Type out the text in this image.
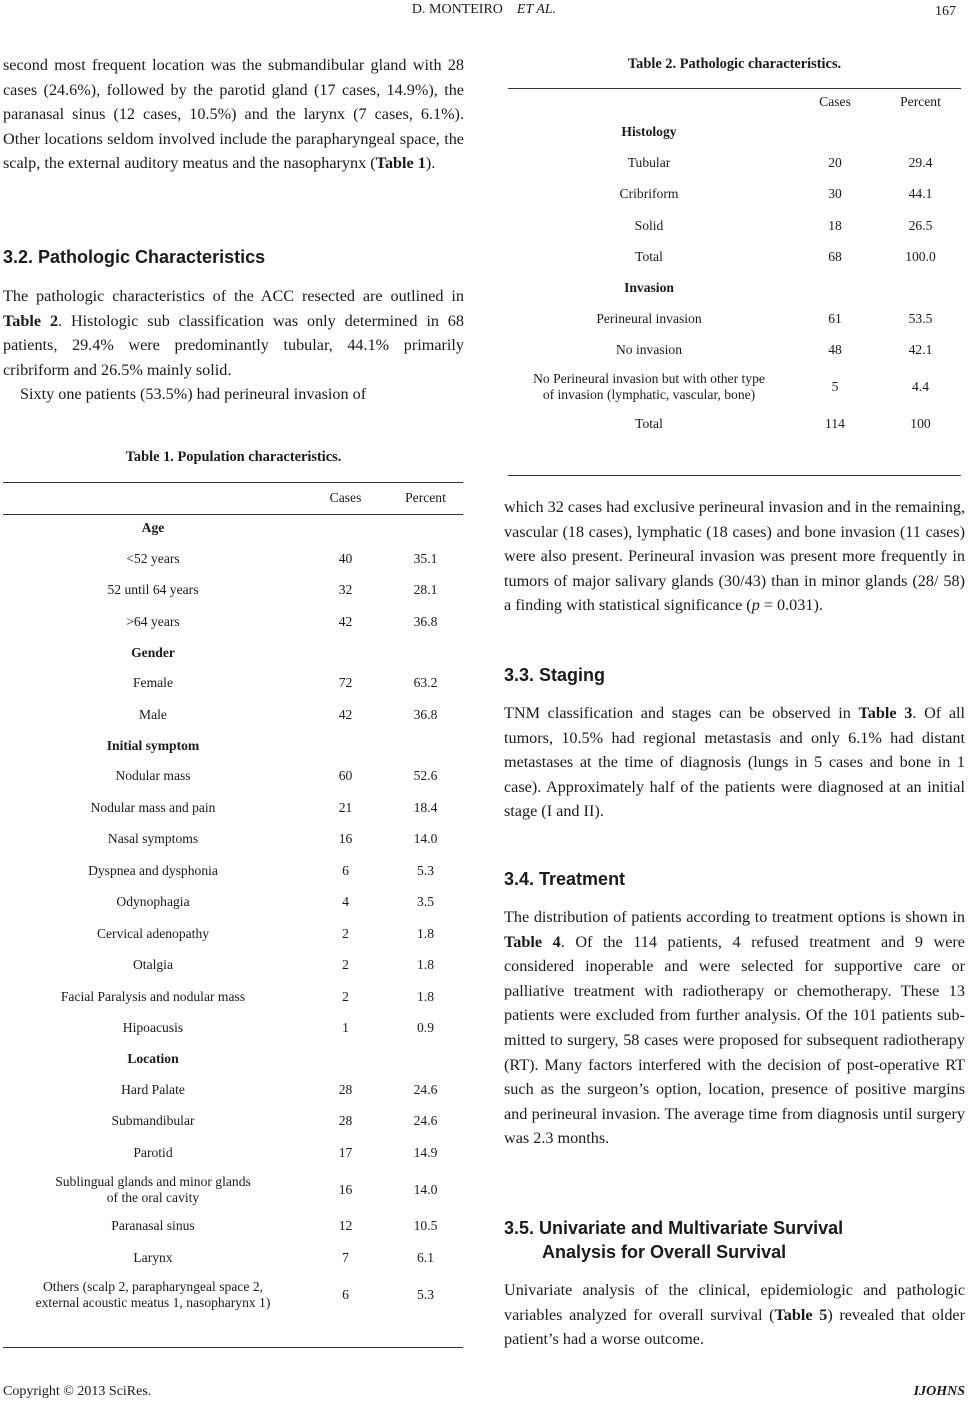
D. MONTEIRO ET AL.	167

second most frequent location was the submandibular gland with 28 cases (24.6%), followed by the parotid gland (17 cases, 14.9%), the paranasal sinus (12 cases, 10.5%) and the larynx (7 cases, 6.1%). Other locations seldom involved include the parapharyngeal space, the scalp, the external auditory meatus and the nasopharynx (Table 1).

3.2. Pathologic Characteristics

The pathologic characteristics of the ACC resected are outlined in Table 2. Histologic sub classification was only determined in 68 patients, 29.4% were predominantly tubular, 44.1% primarily cribriform and 26.5% mainly solid.

Sixty one patients (53.5%) had perineural invasion of

Table 1. Population characteristics.
	Cases	Percent
Age		

<52 years	40	35.1

52 until 64 years	32	28.1

>64 years	42	36.8
Gender		

Female	72	63.2

Male	42	36.8
Initial symptom		

Nodular mass	60	52.6

Nodular mass and pain	21	18.4

Nasal symptoms	16	14.0

Dyspnea and dysphonia	6	5.3

Odynophagia	4	3.5

Cervical adenopathy	2	1.8

Otalgia	2	1.8

Facial Paralysis and nodular mass	2	1.8

Hipoacusis	1	0.9
Location		

Hard Palate	28	24.6

Submandibular	28	24.6

Parotid	17	14.9

Sublingual glands and minor glands
of the oral cavity	16	14.0

Paranasal sinus	12	10.5

Larynx	7	6.1

Others (scalp 2, parapharyngeal space 2,
external acoustic meatus 1, nasopharynx 1)	6	5.3
Table 2. Pathologic characteristics.
	Cases	Percent
Histology		

Tubular	20	29.4

Cribriform	30	44.1

Solid	18	26.5

Total	68	100.0
Invasion		

Perineural invasion	61	53.5

No invasion	48	42.1

No Perineural invasion but with other type
of invasion (lymphatic, vascular, bone)	5	4.4

Total	114	100

which 32 cases had exclusive perineural invasion and in the remaining, vascular (18 cases), lymphatic (18 cases) and bone invasion (11 cases) were also present. Perineural invasion was present more frequently in tumors of major salivary glands (30/43) than in minor glands (28/ 58) a finding with statistical significance (p = 0.031).

3.3. Staging

TNM classification and stages can be observed in Table 3. Of all tumors, 10.5% had regional metastasis and only 6.1% had distant metastases at the time of diagnosis (lungs in 5 cases and bone in 1 case). Approximately half of the patients were diagnosed at an initial stage (I and II).

3.4. Treatment

The distribution of patients according to treatment options is shown in Table 4. Of the 114 patients, 4 refused treatment and 9 were considered inoperable and were selected for supportive care or palliative treatment with radiotherapy or chemotherapy. These 13 patients were excluded from further analysis. Of the 101 patients submitted to surgery, 58 cases were proposed for subsequent radiotherapy (RT). Many factors interfered with the decision of post-operative RT such as the surgeon’s option, location, presence of positive margins and perineural invasion. The average time from diagnosis until surgery was 2.3 months.

3.5. Univariate and Multivariate Survival
Analysis for Overall Survival

Univariate analysis of the clinical, epidemiologic and pathologic variables analyzed for overall survival (Table 5) revealed that older patient’s had a worse outcome.

Copyright © 2013 SciRes.	IJOHNS
